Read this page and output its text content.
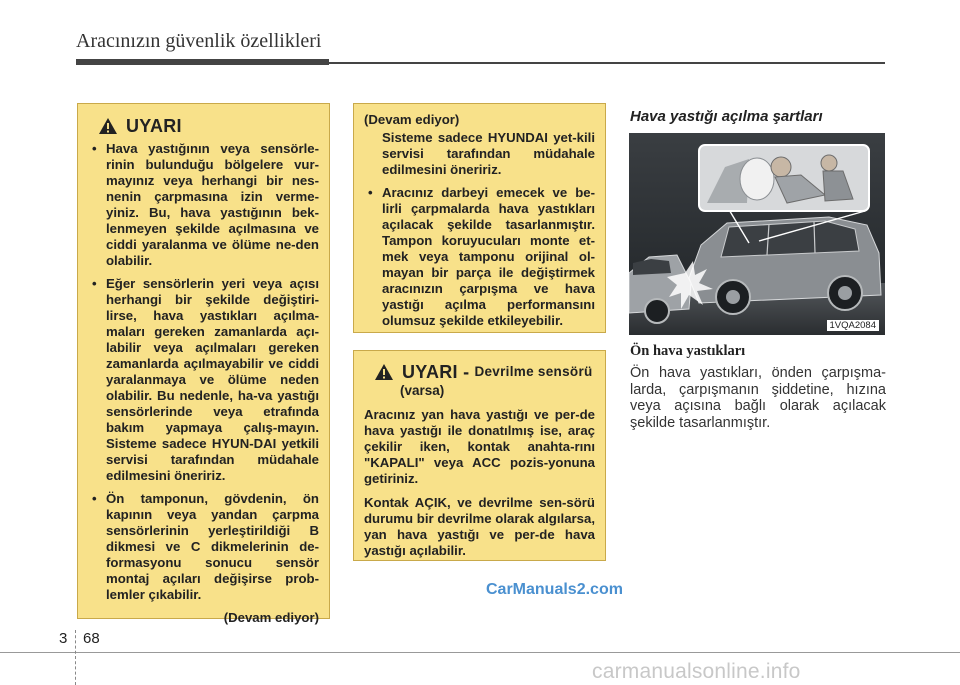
Aracınızın güvenlik özellikleri
UYARI
• Hava yastığının veya sensörle-rinin bulunduğu bölgelere vur-mayınız veya herhangi bir nes-nenin çarpmasına izin verme-yiniz. Bu, hava yastığının bek-lenmeyen şekilde açılmasına ve ciddi yaralanma ve ölüme ne-den olabilir.
• Eğer sensörlerin yeri veya açısı herhangi bir şekilde değiştiri-lirse, hava yastıkları açılma-maları gereken zamanlarda açı-labilir veya açılmaları gereken zamanlarda açılmayabilir ve ciddi yaralanmaya ve ölüme neden olabilir. Bu nedenle, ha-va yastığı sensörlerinde veya etrafında bakım yapmaya çalış-mayın. Sisteme sadece HYUN-DAI yetkili servisi tarafından müdahale edilmesini öneririz.
• Ön tamponun, gövdenin, ön kapının veya yandan çarpma sensörlerinin yerleştirildiği B dikmesi ve C dikmelerinin de-formasyonu sonucu sensör montaj açıları değişirse prob-lemler çıkabilir.
(Devam ediyor)
(Devam ediyor)
Sisteme sadece HYUNDAI yet-kili servisi tarafından müdahale edilmesini öneririz.
• Aracınız darbeyi emecek ve be-lirli çarpmalarda hava yastıkları açılacak şekilde tasarlanmıştır. Tampon koruyucuları monte et-mek veya tamponu orijinal ol-mayan bir parça ile değiştirmek aracınızın çarpışma ve hava yastığı açılma performansını olumsuz şekilde etkileyebilir.
UYARI - Devrilme sensörü
(varsa)

Aracınız yan hava yastığı ve per-de hava yastığı ile donatılmış ise, araç çekilir iken, kontak anahta-rını "KAPALI" veya ACC pozis-yonuna getiriniz.

Kontak AÇIK, ve devrilme sen-sörü durumu bir devrilme olarak algılarsa, yan hava yastığı ve per-de hava yastığı açılabilir.

Hava yastığı açılma şartları
1VQA2084
Ön hava yastıkları
Ön hava yastıkları, önden çarpışma-larda, çarpışmanın şiddetine, hızına veya açısına bağlı olarak açılacak şekilde tasarlanmıştır.
CarManuals2.com
3 68
carmanualsonline.info
